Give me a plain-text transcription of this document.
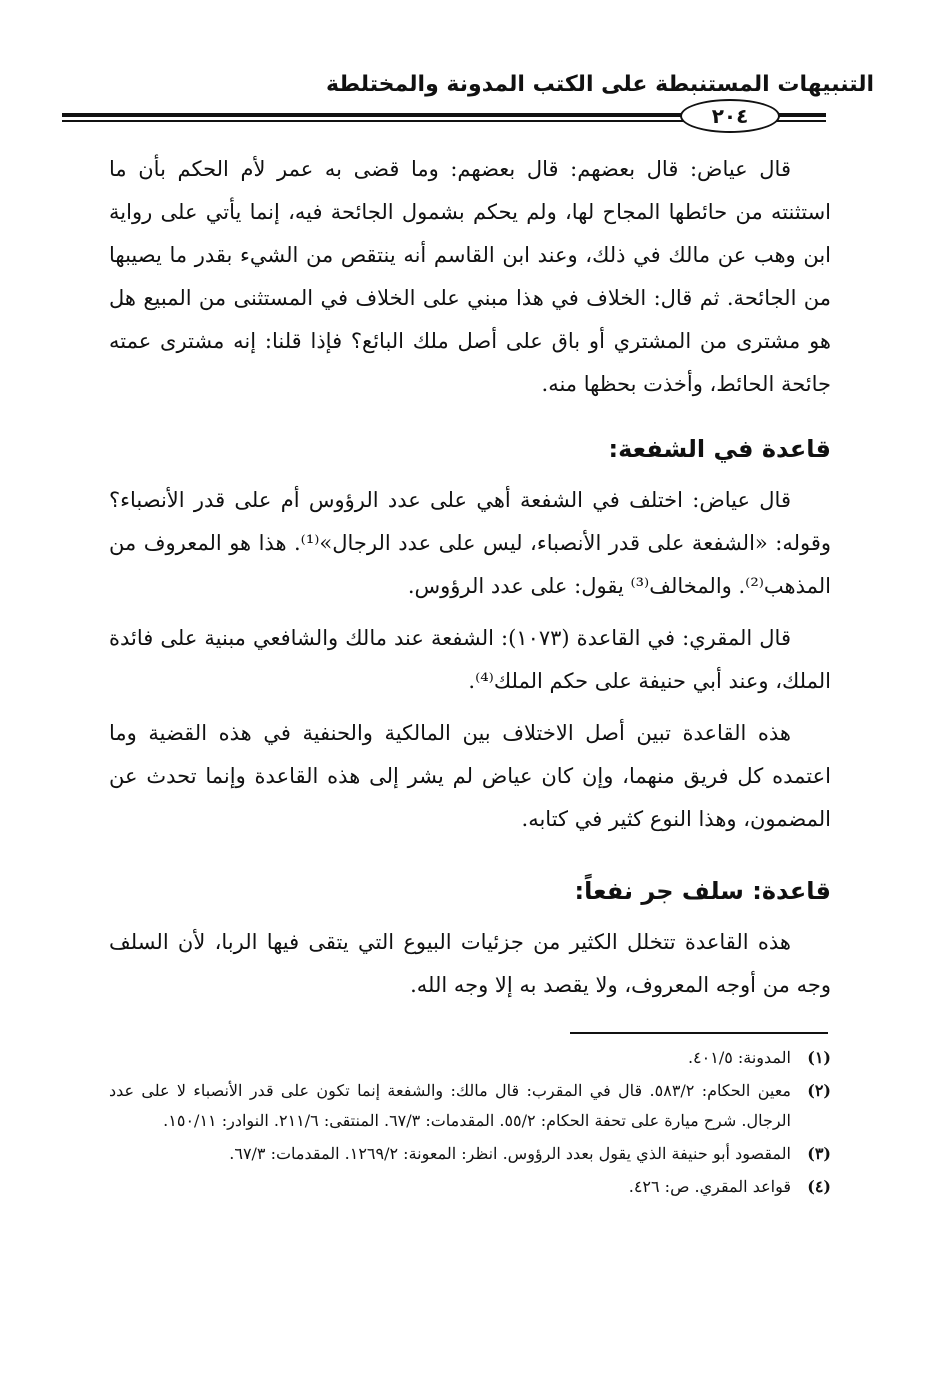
التنبيهات المستنبطة على الكتب المدونة والمختلطة
٢٠٤

قال عياض: قال بعضهم: قال بعضهم: وما قضى به عمر لأم الحكم بأن ما استثنته من حائطها المجاح لها، ولم يحكم بشمول الجائحة فيه، إنما يأتي على رواية ابن وهب عن مالك في ذلك، وعند ابن القاسم أنه ينتقص من الشيء بقدر ما يصيبها من الجائحة. ثم قال: الخلاف في هذا مبني على الخلاف في المستثنى من المبيع هل هو مشترى من المشتري أو باق على أصل ملك البائع؟ فإذا قلنا: إنه مشترى عمته جائحة الحائط، وأخذت بحظها منه.

قاعدة في الشفعة:

قال عياض: اختلف في الشفعة أهي على عدد الرؤوس أم على قدر الأنصباء؟ وقوله: «الشفعة على قدر الأنصباء، ليس على عدد الرجال»⁽¹⁾. هذا هو المعروف من المذهب⁽²⁾. والمخالف⁽³⁾ يقول: على عدد الرؤوس.

قال المقري: في القاعدة (١٠٧٣): الشفعة عند مالك والشافعي مبنية على فائدة الملك، وعند أبي حنيفة على حكم الملك⁽⁴⁾.

هذه القاعدة تبين أصل الاختلاف بين المالكية والحنفية في هذه القضية وما اعتمده كل فريق منهما، وإن كان عياض لم يشر إلى هذه القاعدة وإنما تحدث عن المضمون، وهذا النوع كثير في كتابه.

قاعدة: سلف جر نفعاً:

هذه القاعدة تتخلل الكثير من جزئيات البيوع التي يتقى فيها الربا، لأن السلف وجه من أوجه المعروف، ولا يقصد به إلا وجه الله.

(١)
المدونة: ٤٠١/٥.
(٢)
معين الحكام: ٥٨٣/٢. قال في المقرب: قال مالك: والشفعة إنما تكون على قدر الأنصباء لا على عدد الرجال. شرح ميارة على تحفة الحكام: ٥٥/٢. المقدمات: ٦٧/٣. المنتقى: ٢١١/٦. النوادر: ١٥٠/١١.
(٣)
المقصود أبو حنيفة الذي يقول بعدد الرؤوس. انظر: المعونة: ١٢٦٩/٢. المقدمات: ٦٧/٣.
(٤)
قواعد المقري. ص: ٤٢٦.
